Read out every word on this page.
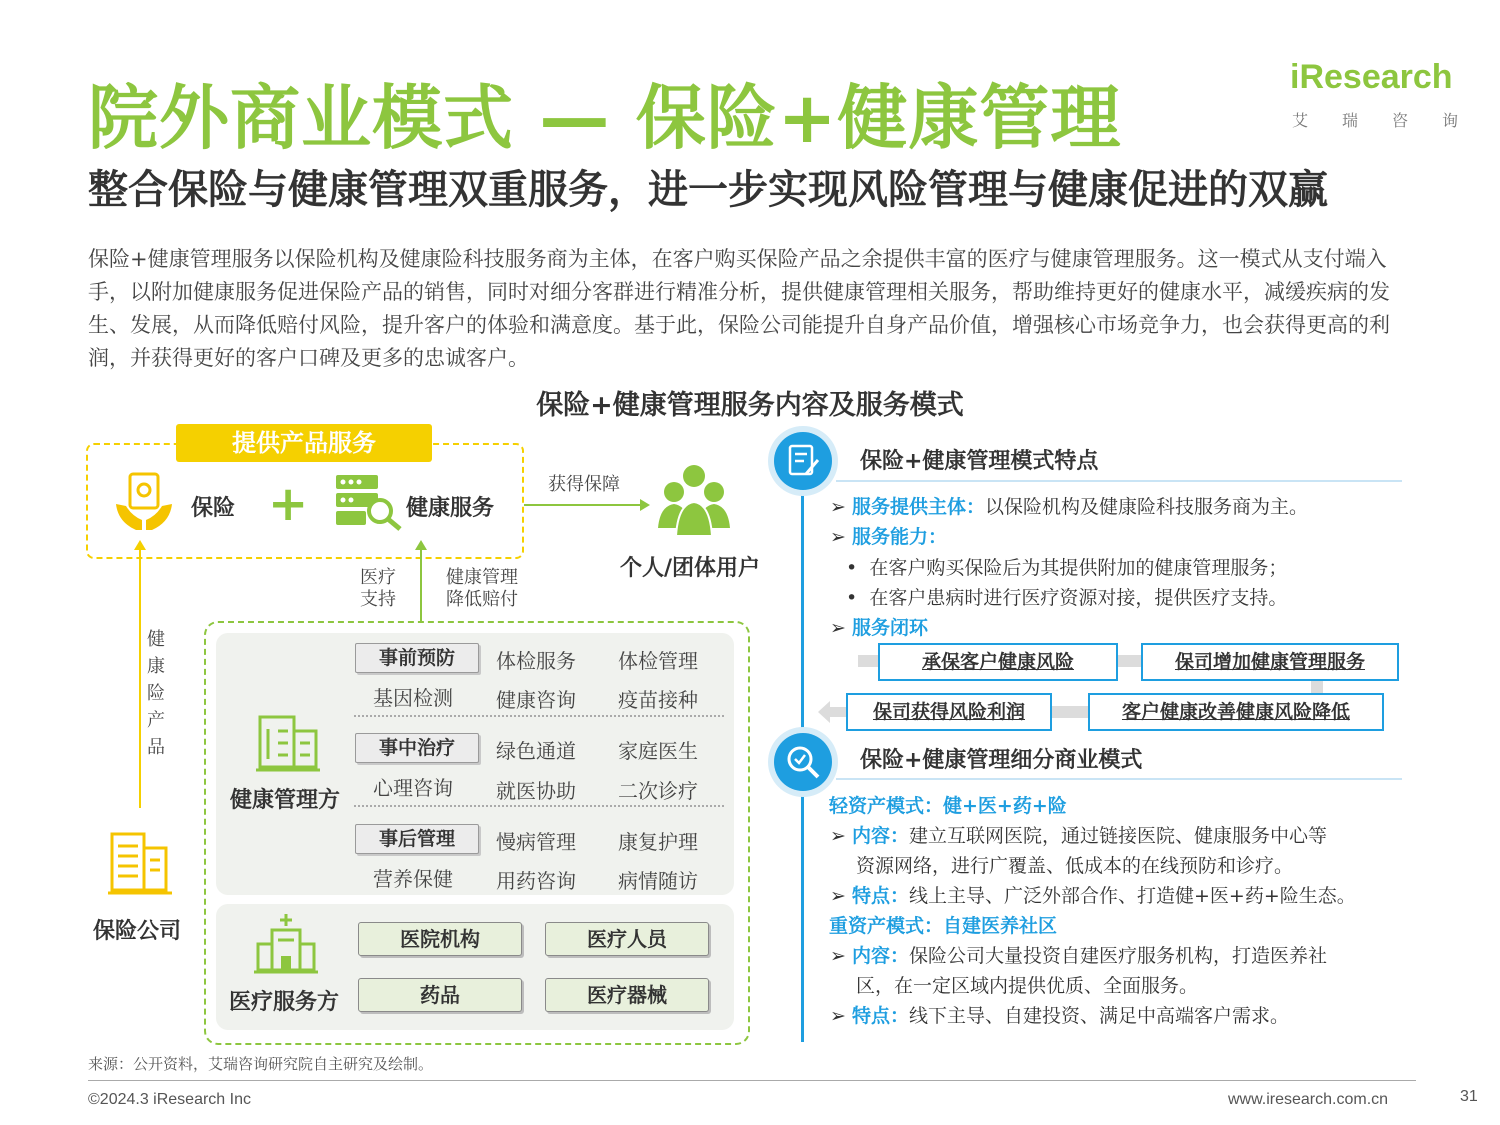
院外商业模式 — 保险+健康管理
整合保险与健康管理双重服务，进一步实现风险管理与健康促进的双赢
iResearch
艾 瑞 咨 询
保险+健康管理服务以保险机构及健康险科技服务商为主体，在客户购买保险产品之余提供丰富的医疗与健康管理服务。这一模式从支付端入手，以附加健康服务促进保险产品的销售，同时对细分客群进行精准分析，提供健康管理相关服务，帮助维持更好的健康水平，减缓疾病的发生、发展，从而降低赔付风险，提升客户的体验和满意度。基于此，保险公司能提升自身产品价值，增强核心市场竞争力，也会获得更高的利润，并获得更好的客户口碑及更多的忠诚客户。
保险+健康管理服务内容及服务模式
提供产品服务
保险 +	健康服务
获得保障
个人/团体用户
医疗
支持
健康管理
降低赔付
健
康
险
产
品
保险公司
健康管理方
事前预防	体检服务 体检管理
基因检测 健康咨询 疫苗接种
事中治疗	绿色通道 家庭医生
心理咨询 就医协助 二次诊疗
事后管理	慢病管理 康复护理
营养保健 用药咨询 病情随访
医疗服务方
医院机构	医疗人员
药品	医疗器械
保险+健康管理模式特点
➢ 服务提供主体：以保险机构及健康险科技服务商为主。
➢ 服务能力：
• 在客户购买保险后为其提供附加的健康管理服务；
• 在客户患病时进行医疗资源对接，提供医疗支持。
➢ 服务闭环
承保客户健康风险	保司增加健康管理服务
保司获得风险利润	客户健康改善健康风险降低
保险+健康管理细分商业模式
轻资产模式：健+医+药+险
➢ 内容：建立互联网医院，通过链接医院、健康服务中心等
资源网络，进行广覆盖、低成本的在线预防和诊疗。
➢ 特点：线上主导、广泛外部合作、打造健+医+药+险生态。
重资产模式：自建医养社区
➢ 内容：保险公司大量投资自建医疗服务机构，打造医养社
区，在一定区域内提供优质、全面服务。
➢ 特点：线下主导、自建投资、满足中高端客户需求。
来源：公开资料，艾瑞咨询研究院自主研究及绘制。
©2024.3 iResearch Inc	www.iresearch.com.cn	31
